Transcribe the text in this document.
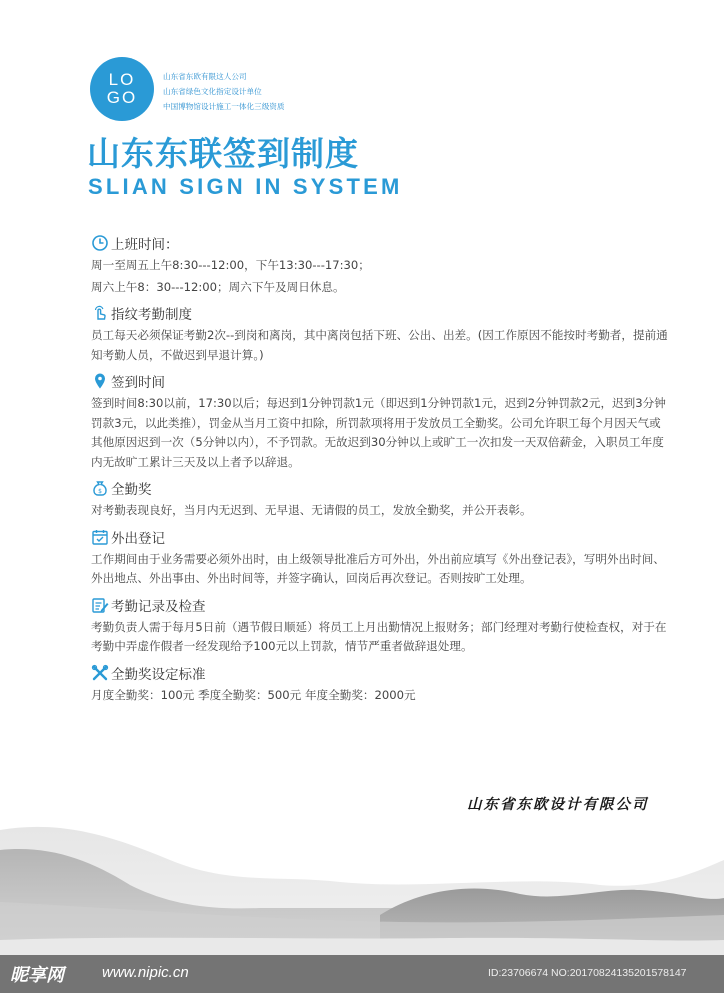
LO
GO
山东省东欧有限这人公司
山东省绿色文化指定设计单位
中国博物馆设计施工一体化三级资质
山东东联签到制度
SLIAN SIGN IN SYSTEM
上班时间：

周一至周五上午8:30---12:00，下午13:30---17:30；

周六上午8：30---12:00；周六下午及周日休息。

指纹考勤制度

员工每天必须保证考勤2次--到岗和离岗，其中离岗包括下班、公出、出差。(因工作原因不能按时考勤者，提前通知考勤人员，不做迟到早退计算。)

签到时间

签到时间8:30以前，17:30以后；每迟到1分钟罚款1元（即迟到1分钟罚款1元，迟到2分钟罚款2元，迟到3分钟罚款3元，以此类推），罚金从当月工资中扣除，所罚款项将用于发放员工全勤奖。公司允许职工每个月因天气或其他原因迟到一次（5分钟以内），不予罚款。无故迟到30分钟以上或旷工一次扣发一天双倍薪金，入职员工年度内无故旷工累计三天及以上者予以辞退。

$ 全勤奖

对考勤表现良好，当月内无迟到、无早退、无请假的员工，发放全勤奖，并公开表彰。

外出登记

工作期间由于业务需要必须外出时，由上级领导批准后方可外出，外出前应填写《外出登记表》，写明外出时间、外出地点、外出事由、外出时间等，并签字确认，回岗后再次登记。否则按旷工处理。

考勤记录及检查

考勤负责人需于每月5日前（遇节假日顺延）将员工上月出勤情况上报财务；部门经理对考勤行使检查权，对于在考勤中弄虚作假者一经发现给予100元以上罚款，情节严重者做辞退处理。

全勤奖设定标准

月度全勤奖：100元 季度全勤奖：500元 年度全勤奖：2000元

山东省东欧设计有限公司
昵享网	www.nipic.cn	ID:23706674 NO:20170824135201578147
